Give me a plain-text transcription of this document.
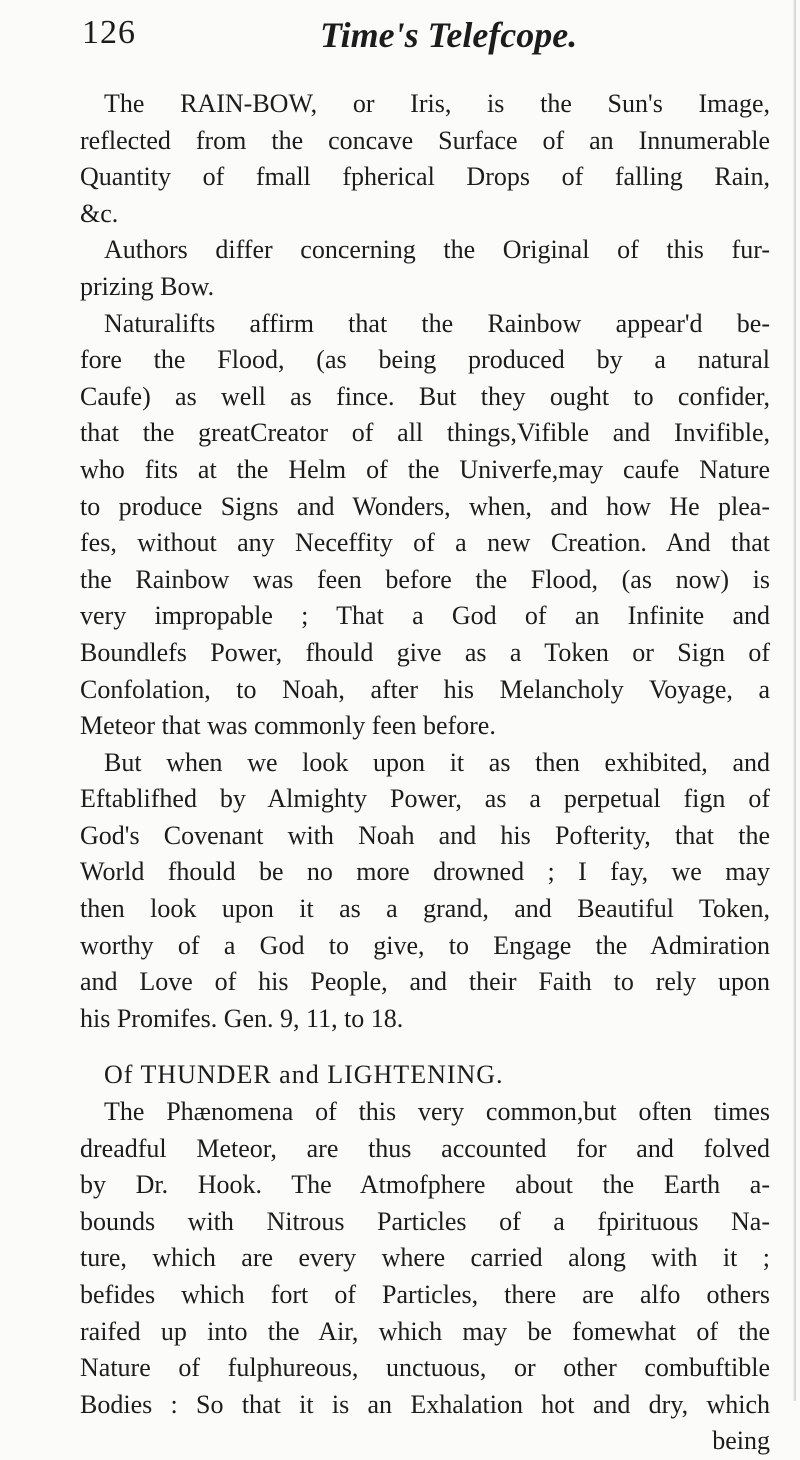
126	Time's Telefcope.
The RAIN-BOW, or Iris, is the Sun's Image,
reflected from the concave Surface of an Innumerable
Quantity of fmall fpherical Drops of falling Rain,
&c.
Authors differ concerning the Original of this fur-
prizing Bow.
Naturalifts affirm that the Rainbow appear'd be-
fore the Flood, (as being produced by a natural
Caufe) as well as fince. But they ought to confider,
that the greatCreator of all things,Vifible and Invifible,
who fits at the Helm of the Univerfe,may caufe Nature
to produce Signs and Wonders, when, and how He plea-
fes, without any Neceffity of a new Creation. And that
the Rainbow was feen before the Flood, (as now) is
very impropable ; That a God of an Infinite and
Boundlefs Power, fhould give as a Token or Sign of
Confolation, to Noah, after his Melancholy Voyage, a
Meteor that was commonly feen before.
But when we look upon it as then exhibited, and
Eftablifhed by Almighty Power, as a perpetual fign of
God's Covenant with Noah and his Pofterity, that the
World fhould be no more drowned ; I fay, we may
then look upon it as a grand, and Beautiful Token,
worthy of a God to give, to Engage the Admiration
and Love of his People, and their Faith to rely upon
his Promifes. Gen. 9, 11, to 18.
Of THUNDER and LIGHTENING.
The Phænomena of this very common,but often times
dreadful Meteor, are thus accounted for and folved
by Dr. Hook. The Atmofphere about the Earth a-
bounds with Nitrous Particles of a fpirituous Na-
ture, which are every where carried along with it ;
befides which fort of Particles, there are alfo others
raifed up into the Air, which may be fomewhat of the
Nature of fulphureous, unctuous, or other combuftible
Bodies : So that it is an Exhalation hot and dry, which
being
